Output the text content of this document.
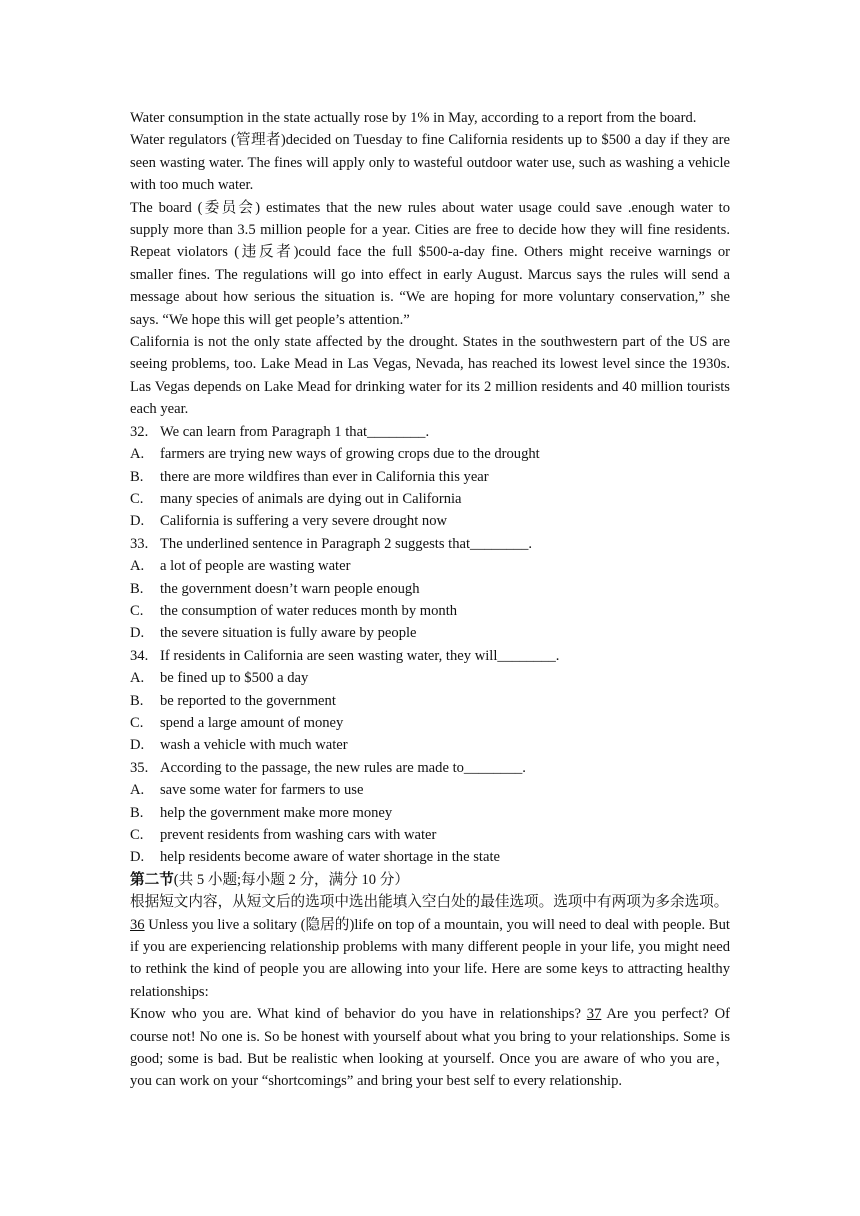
Water consumption in the state actually rose by 1% in May, according to a report from the board.

Water regulators (管理者)decided on Tuesday to fine California residents up to $500 a day if they are seen wasting water. The fines will apply only to wasteful outdoor water use, such as washing a vehicle with too much water.

The board (委员会) estimates that the new rules about water usage could save .enough water to supply more than 3.5 million people for a year. Cities are free to decide how they will fine residents. Repeat violators (违反者)could face the full $500-a-day fine. Others might receive warnings or smaller fines. The regulations will go into effect in early August. Marcus says the rules will send a message about how serious the situation is. “We are hoping for more voluntary conservation,” she says. “We hope this will get people’s attention.”

California is not the only state affected by the drought. States in the southwestern part of the US are seeing problems, too. Lake Mead in Las Vegas, Nevada, has reached its lowest level since the 1930s. Las Vegas depends on Lake Mead for drinking water for its 2 million residents and 40 million tourists each year.

32. We can learn from Paragraph 1 that________.
A.	farmers are trying new ways of growing crops due to the drought
B.	there are more wildfires than ever in California this year
C.	many species of animals are dying out in California
D.	California is suffering a very severe drought now
33. The underlined sentence in Paragraph 2 suggests that________.
A.	a lot of people are wasting water
B.	the government doesn’t warn people enough
C.	the consumption of water reduces month by month
D.	the severe situation is fully aware by people
34. If residents in California are seen wasting water, they will________.
A.	be fined up to $500 a day
B.	be reported to the government
C.	spend a large amount of money
D.	wash a vehicle with much water
35. According to the passage, the new rules are made to________.
A.	save some water for farmers to use
B.	help the government make more money
C.	prevent residents from washing cars with water
D.	help residents become aware of water shortage in the state
第二节(共 5 小题;每小题 2 分，满分 10 分）

根据短文内容，从短文后的选项中选出能填入空白处的最佳选项。选项中有两项为多余选项。

36 Unless you live a solitary (隐居的)life on top of a mountain, you will need to deal with people. But if you are experiencing relationship problems with many different people in your life, you might need to rethink the kind of people you are allowing into your life. Here are some keys to attracting healthy relationships:

Know who you are. What kind of behavior do you have in relationships? 37 Are you perfect? Of course not! No one is. So be honest with yourself about what you bring to your relationships. Some is good; some is bad. But be realistic when looking at yourself. Once you are aware of who you are，you can work on your “shortcomings” and bring your best self to every relationship.
